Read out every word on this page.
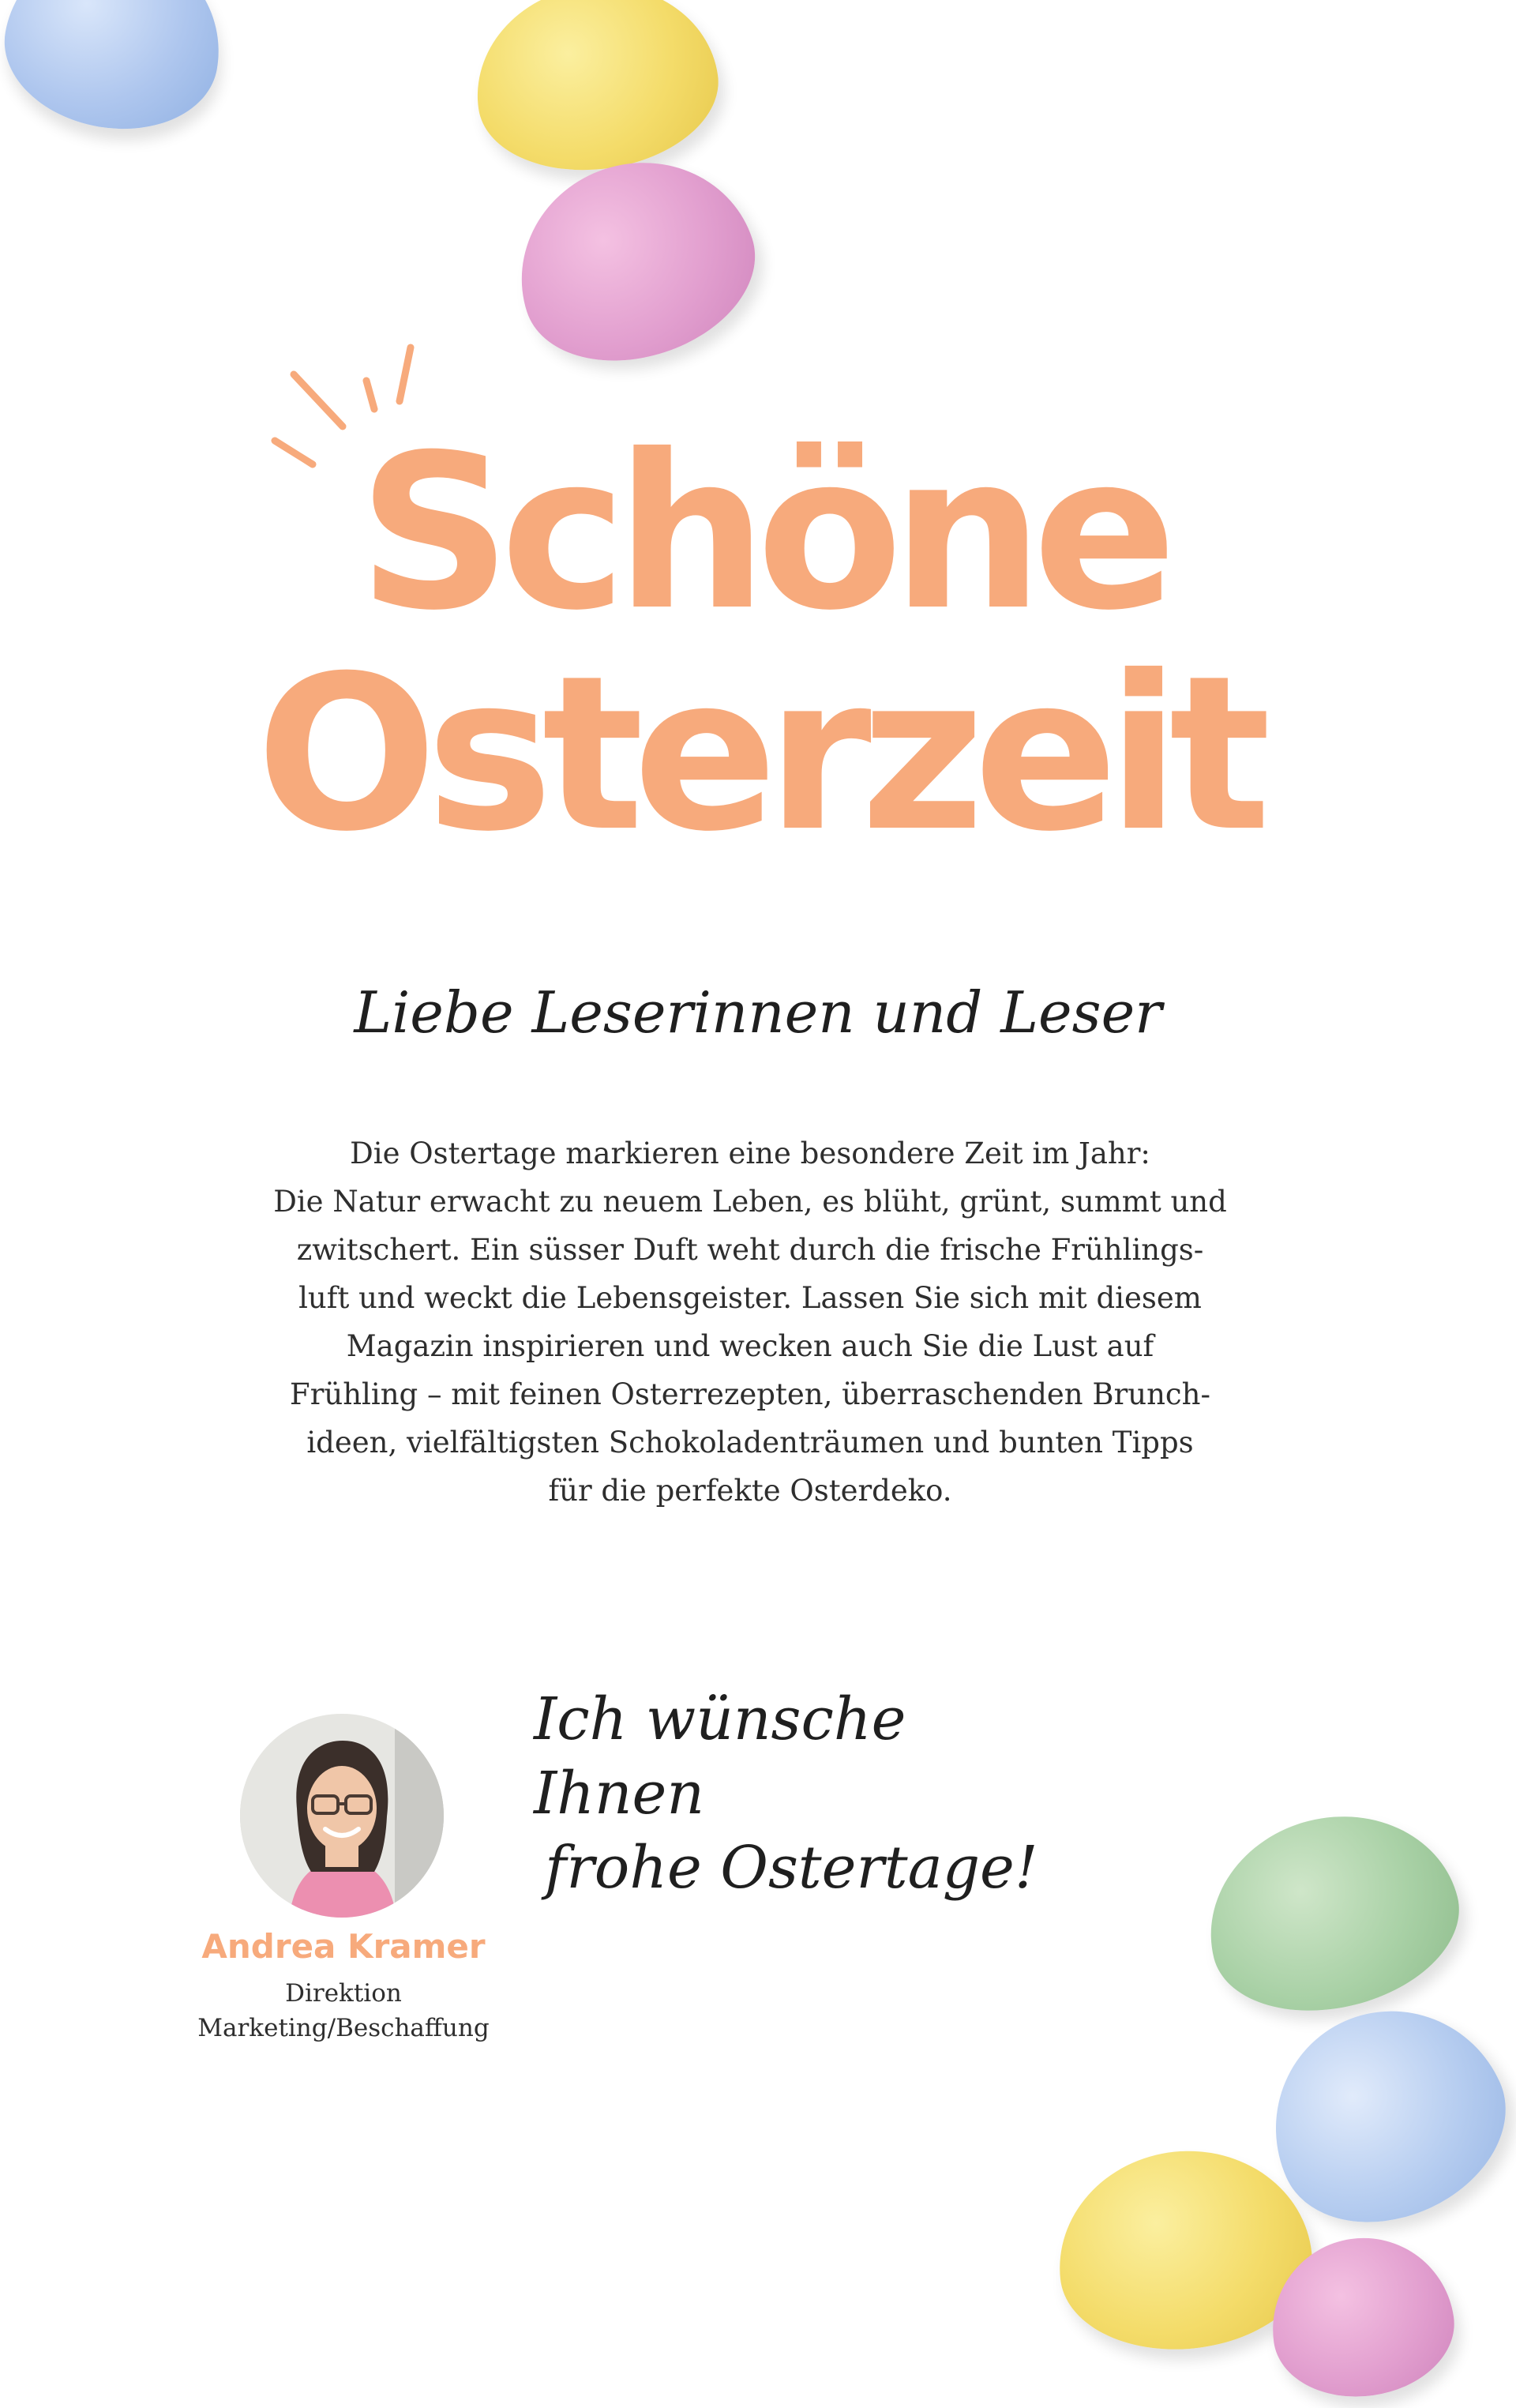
Schöne
Osterzeit
Liebe Leserinnen und Leser
Die Ostertage markieren eine besondere Zeit im Jahr:
Die Natur erwacht zu neuem Leben, es blüht, grünt, summt und
zwitschert. Ein süsser Duft weht durch die frische Frühlings-
luft und weckt die Lebensgeister. Lassen Sie sich mit diesem
Magazin inspirieren und wecken auch Sie die Lust auf
Frühling – mit feinen Osterrezepten, überraschenden Brunch-
ideen, vielfältigsten Schokoladenträumen und bunten Tipps
für die perfekte Osterdeko.
Andrea Kramer
Direktion
Marketing/Beschaffung
Ich wünsche Ihnen
frohe Ostertage!
